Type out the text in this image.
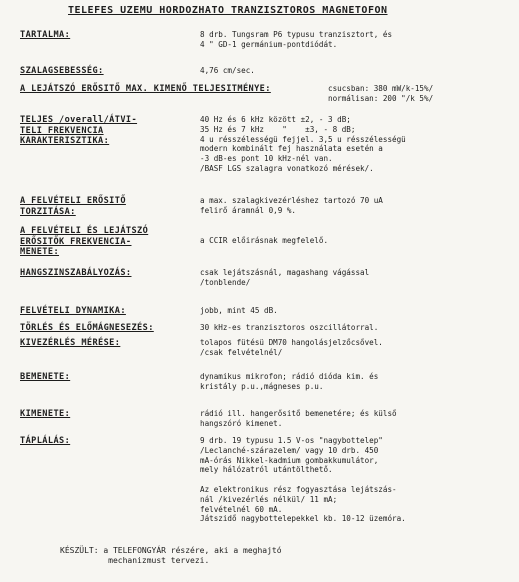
TELEFES UZEMU HORDOZHATO TRANZISZTOROS MAGNETOFON
TARTALMA:	8 drb. Tungsram P6 typusu tranzisztort, és
4 " GD-1 germánium-pontdiódát.
SZALAGSEBESSÉG:	4,76 cm/sec.
A LEJÁTSZÓ ERŐSITŐ MAX. KIMENŐ TELJESITMÉNYE:	csucsban: 380 mW/k-15%/
normálisan: 200 "/k 5%/
TELJES /overall/ÁTVI-
TELI FREKVENCIA
KARAKTERISZTIKA:
40 Hz és 6 kHz között ±2, - 3 dB;
35 Hz és 7 kHz    "    ±3, - 8 dB;
4 u résszélességü fejjel. 3,5 u résszélességü
modern kombinált fej használata esetén a
-3 dB-es pont 10 kHz-nél van.
/BASF LGS szalagra vonatkozó mérések/.
A FELVÉTELI ERŐSITŐ
TORZITÁSA:
a max. szalagkivezérléshez tartozó 70 uA
felirő áramnál 0,9 %.
A FELVÉTELI ÉS LEJÁTSZÓ
ERŐSITŐK FREKVENCIA-
MENETE:
a CCIR előirásnak megfelelő.
HANGSZINSZABÁLYOZÁS:	csak lejátszásnál, magashang vágással
/tonblende/
FELVÉTELI DYNAMIKA:	jobb, mint 45 dB.
TÖRLÉS ÉS ELŐMÁGNESEZÉS:	30 kHz-es tranzisztoros oszcillátorral.
KIVEZÉRLÉS MÉRÉSE:	tolapos fütésü DM70 hangolásjelzőcsővel.
/csak felvételnél/
BEMENETE:	dynamikus mikrofon; rádió dióda kim. és
kristály p.u.,mágneses p.u.
KIMENETE:	rádió ill. hangerősitő bemenetére; és külső
hangszóró kimenet.
TÁPLÁLÁS:	9 drb. 19 typusu 1.5 V-os "nagybottelep"
/Leclanché-szárazelem/ vagy 10 drb. 450
mA-órás Nikkel-kadmium gombakkumulátor,
mely hálózatról utántölthető.

Az elektronikus rész fogyasztása lejátszás-
nál /kivezérlés nélkül/ 11 mA;
felvételnél 60 mA.
Játszidő nagybottelepekkel kb. 10-12 üzemóra.
KÉSZÜLT: a TELEFONGYÁR részére, aki a meghajtó
mechanizmust tervezi.
